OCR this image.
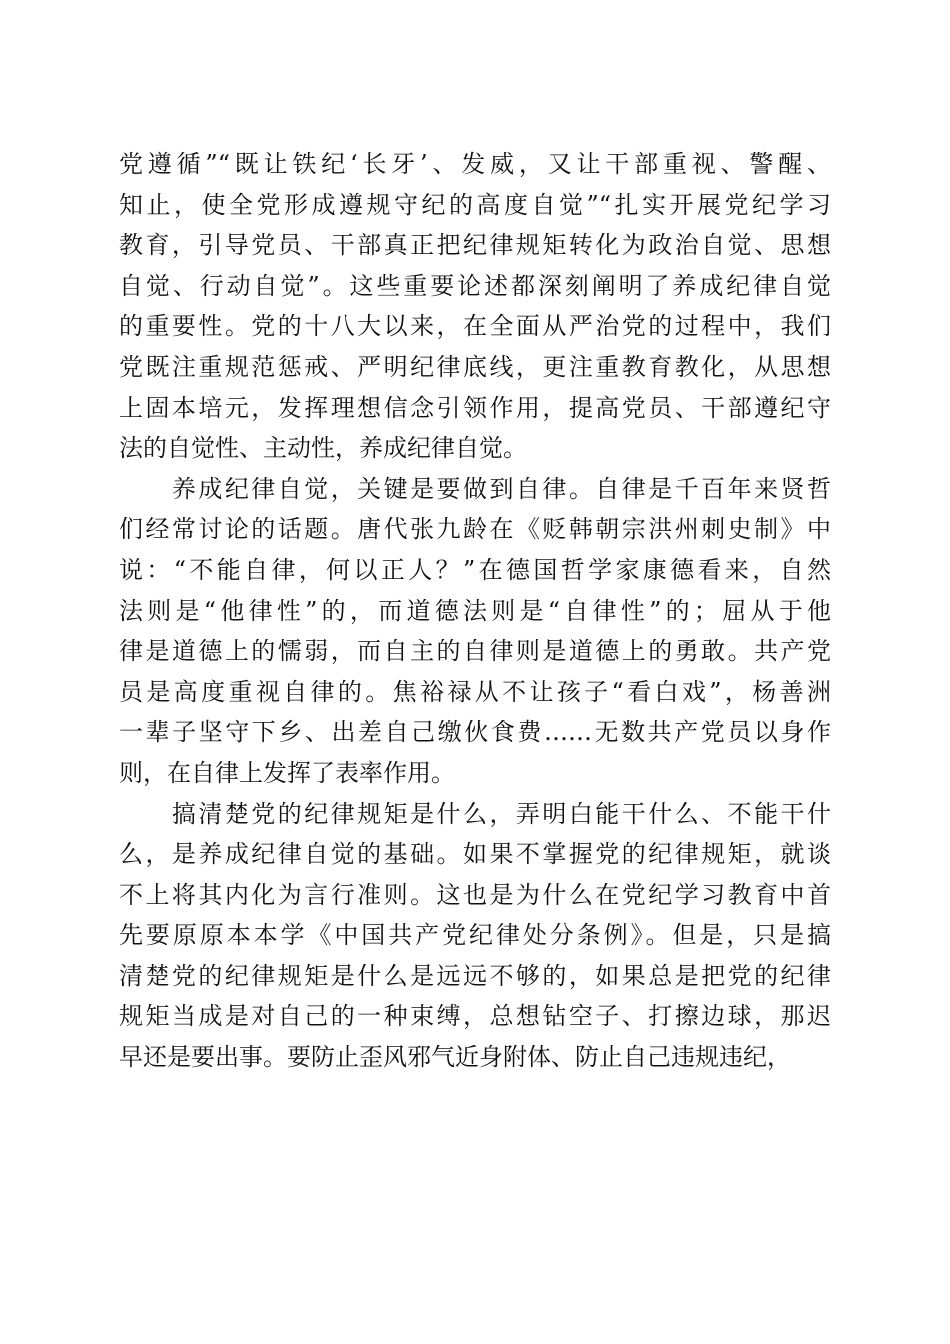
党遵循”“既让铁纪‘长牙’、发威，又让干部重视、警醒、
知止，使全党形成遵规守纪的高度自觉”“扎实开展党纪学习
教育，引导党员、干部真正把纪律规矩转化为政治自觉、思想
自觉、行动自觉”。这些重要论述都深刻阐明了养成纪律自觉
的重要性。党的十八大以来，在全面从严治党的过程中，我们
党既注重规范惩戒、严明纪律底线，更注重教育教化，从思想
上固本培元，发挥理想信念引领作用，提高党员、干部遵纪守
法的自觉性、主动性，养成纪律自觉。
　　养成纪律自觉，关键是要做到自律。自律是千百年来贤哲
们经常讨论的话题。唐代张九龄在《贬韩朝宗洪州刺史制》中
说：“不能自律，何以正人？”在德国哲学家康德看来，自然
法则是“他律性”的，而道德法则是“自律性”的；屈从于他
律是道德上的懦弱，而自主的自律则是道德上的勇敢。共产党
员是高度重视自律的。焦裕禄从不让孩子“看白戏”，杨善洲
一辈子坚守下乡、出差自己缴伙食费……无数共产党员以身作
则，在自律上发挥了表率作用。
　　搞清楚党的纪律规矩是什么，弄明白能干什么、不能干什
么，是养成纪律自觉的基础。如果不掌握党的纪律规矩，就谈
不上将其内化为言行准则。这也是为什么在党纪学习教育中首
先要原原本本学《中国共产党纪律处分条例》。但是，只是搞
清楚党的纪律规矩是什么是远远不够的，如果总是把党的纪律
规矩当成是对自己的一种束缚，总想钻空子、打擦边球，那迟
早还是要出事。要防止歪风邪气近身附体、防止自己违规违纪，
